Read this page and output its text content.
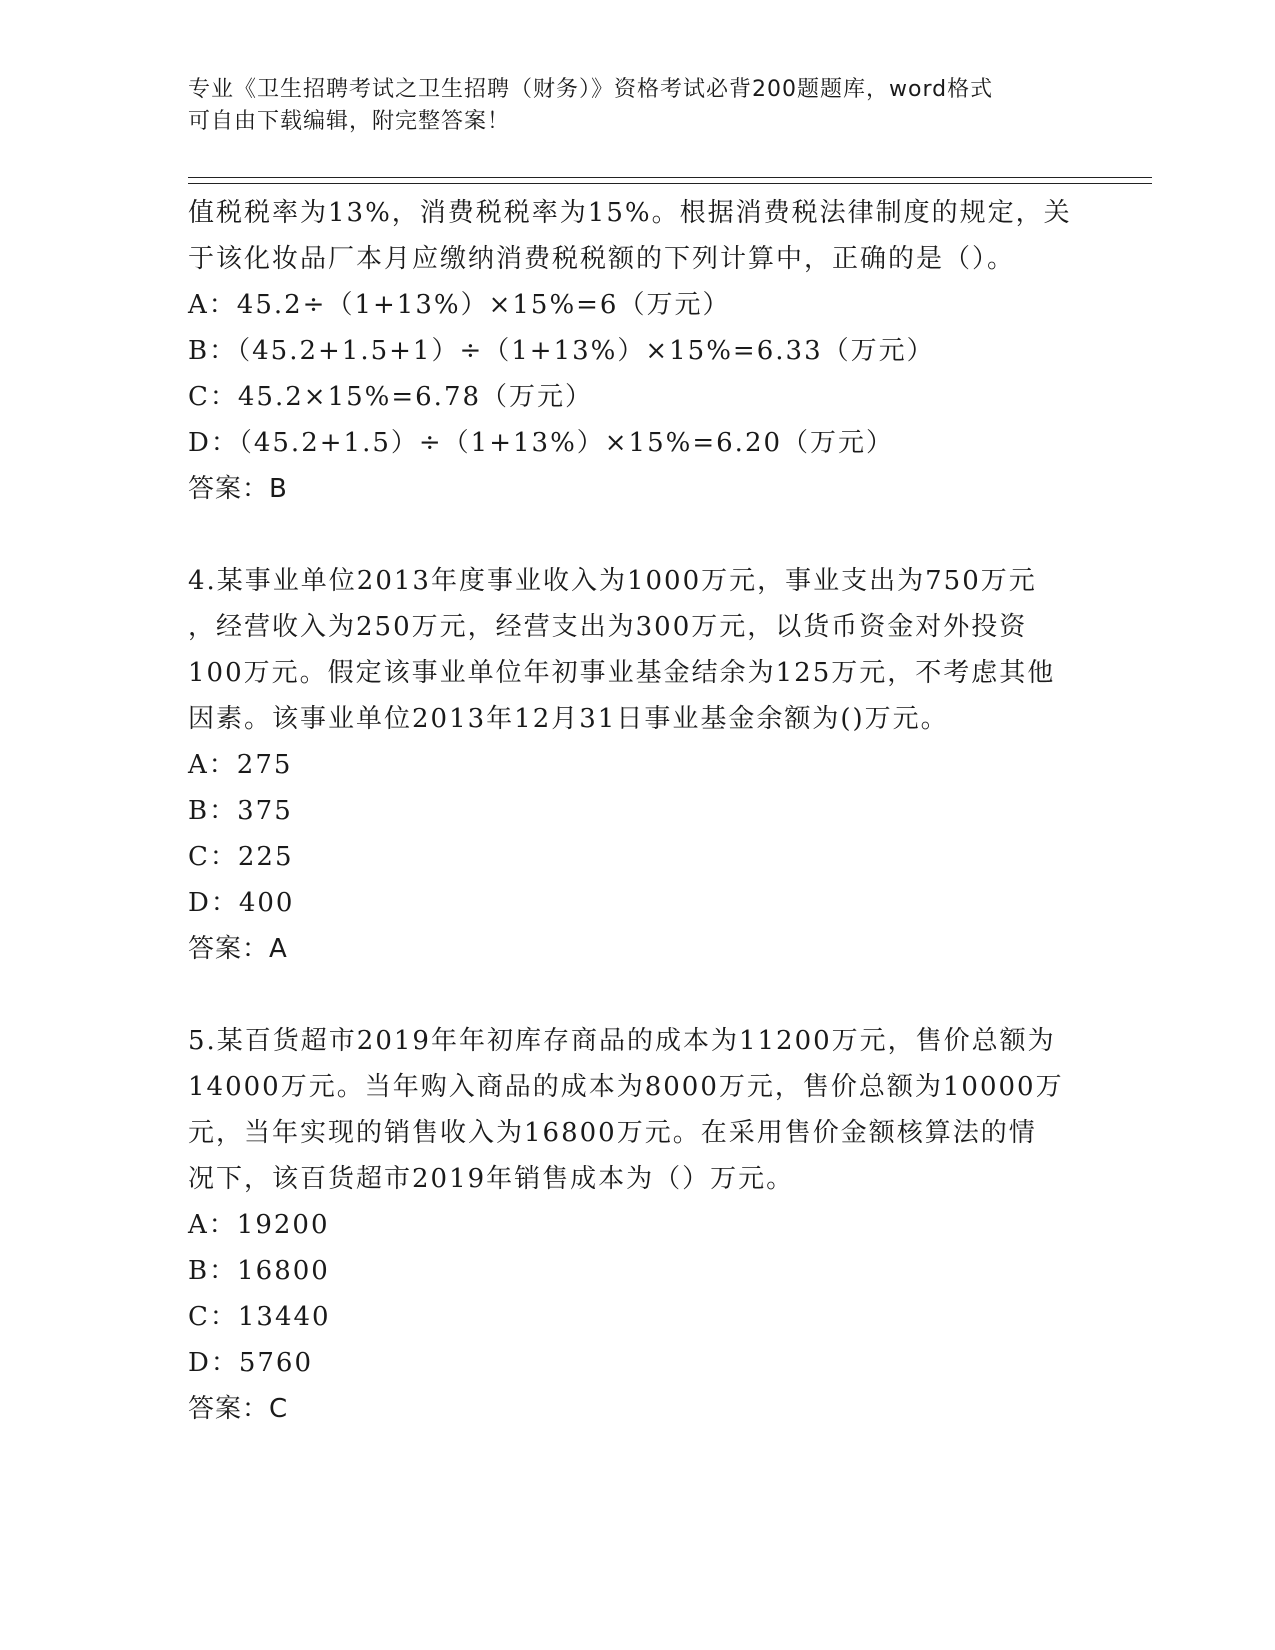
专业《卫生招聘考试之卫生招聘（财务）》资格考试必背200题题库，word格式
可自由下载编辑，附完整答案！
值税税率为13%，消费税税率为15%。根据消费税法律制度的规定，关
于该化妆品厂本月应缴纳消费税税额的下列计算中，正确的是（）。
A：45.2÷（1+13%）×15%=6（万元）
B：（45.2+1.5+1）÷（1+13%）×15%=6.33（万元）
C：45.2×15%=6.78（万元）
D：（45.2+1.5）÷（1+13%）×15%=6.20（万元）
答案：B
4.某事业单位2013年度事业收入为1000万元，事业支出为750万元
，经营收入为250万元，经营支出为300万元，以货币资金对外投资
100万元。假定该事业单位年初事业基金结余为125万元，不考虑其他
因素。该事业单位2013年12月31日事业基金余额为()万元。
A：275
B：375
C：225
D：400
答案：A
5.某百货超市2019年年初库存商品的成本为11200万元，售价总额为
14000万元。当年购入商品的成本为8000万元，售价总额为10000万
元，当年实现的销售收入为16800万元。在采用售价金额核算法的情
况下，该百货超市2019年销售成本为（）万元。
A：19200
B：16800
C：13440
D：5760
答案：C
